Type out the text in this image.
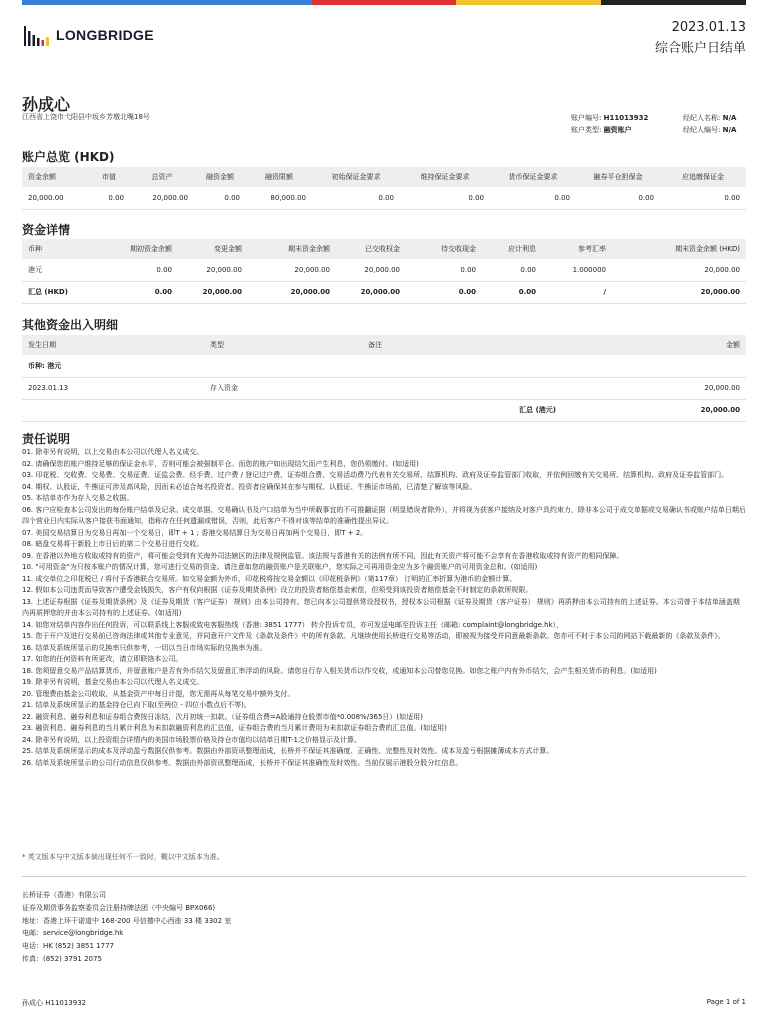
LONGBRIDGE	2023.01.13
综合账户日结单
孙成心
江西省上饶市弋阳县中坂乡芳墩北嘴18号	账户编号: H11013932
账户类型: 融资账户
经纪人名称: N/A
经纪人编号: N/A
账户总览 (HKD)
资金余额	市值	总资产	融资金额	融资限额	初始保证金要求	维持保证金要求	货币保证金要求	融券平仓担保金	应追缴保证金
20,000.00	0.00	20,000.00	0.00	80,000.00	0.00	0.00	0.00	0.00	0.00
资金详情
币种	期初资金余额	变更金额	期末资金余额	已交收权金	待交收现金	应计利息	参考汇率	期末资金余额 (HKD)
港元	0.00	20,000.00	20,000.00	20,000.00	0.00	0.00	1.000000	20,000.00
汇总 (HKD)	0.00	20,000.00	20,000.00	20,000.00	0.00	0.00	/	20,000.00
其他资金出入明细
发生日期	类型	备注	金额
币种: 港元			
2023.01.13	存入资金		20,000.00
汇总 (港元)			20,000.00
责任说明

01. 除非另有说明，以上交易由本公司以代理人名义成交。

02. 请确保您的账户维持足够的保证金水平，否则可能会被强制平仓。而您的账户如出现结欠而产生利息，您仍须缴付。(如适用)

03. 印花税、交收费、交易费、交易征费、证监会费、经手费、过户费 / 登记过户费、证券组合费、交易活动费乃代表有关交易所、结算机构、政府及证券监管部门收取，并依例回缴有关交易所、结算机构、政府及证券监管部门。

04. 期权、认股证，牛熊证可涉及高风险，因而未必适合每名投资者。投资者应确保其在参与期权、认股证、牛熊证市场前，已清楚了解该等风险。

05. 本结单亦作为存入交易之收据。

06. 客户应检查本公司发出的每份账户结单及记录。成交单据、交易确认书及户口结单为当中所载事宜的不可推翻证据（明显错误者除外），并将视为获客户接纳及对客户具约束力，除非本公司于成交单据或交易确认书或账户结单日期后四个营业日内实际从客户接获书面通知，指称存在任何遗漏或错误，否则，此后客户不得对该等结单的准确性提出异议。

07. 美国交易结算日为交易日再加一个交易日，即T + 1 ; 香港交易结算日为交易日再加两个交易日，即T + 2。

08. 暗盘交易将于新股上市日后的第二个交易日进行交收。

09. 在香港以外地方收取或持有的资产，将可能会受到有关海外司法辖区的法律及规例监管。该法规与香港有关的法例有所不同，因此有关资产将可能不会享有在香港收取或持有资产的相同保障。

10. "可用资金"为只按本账户的情况计算，您可进行交易的资金。请注意如您的融资账户是关联账户，您实际之可再用资金应为多个融资账户的可用资金总和。(如适用)

11. 成交单位之印花税已 / 将付予香港联合交易所。如交易金额为外币，印花税将按交易金额以《印花税条例》（第117章） 订明的汇率折算为港币的金额计算。

12. 假如本公司违责而导致客户遭受金钱损失，客户有权向根据《证券及期货条例》设立的投资者赔偿基金索偿，但须受到该投资者赔偿基金不时制定的条款所规限。

13. 上述证券根据《证券及期货条例》及《证券及期货（客户证券） 规则》由本公司持有。您已向本公司提供常设授权书，授权本公司根据《证券及期货（客户证券） 规则》再质押由本公司持有的上述证券。本公司曾于本结单涵盖期内再质押您的并由本公司持有的上述证券。(如适用)

14. 如您对结单内容作出任何投诉，可以联系线上客服或致电客服热线（香港: 3851 1777） 转介投诉专员，亦可发送电邮至投诉主任（邮箱: complaint@longbridge.hk），

15. 您于开户及进行交易前已咨询法律或其他专业意见，并同意开户文件及《条款及条件》中的所有条款。凡继续使用长桥进行交易等活动，即被视为接受并同意最新条款。您亦可不时于本公司的网站下载最新的《条款及条件》。

16. 结单及系统所显示的兑换率只供参考，一切以当日市场实际的兑换率为准。

17. 如您的任何资料有所更改，请立即联络本公司。

18. 您须留意交易产品结算货币，并留意账户是否有外币结欠及留意汇率浮动的风险。请您自行存入相关货币以作交收，或通知本公司替您兑换。如您之账户内有外币结欠，会产生相关货币的利息。(如适用)

19. 除非另有说明，基金交易由本公司以代理人名义成交。

20. 管理费由基金公司收取，从基金资产中每日计提，您无需再从每笔交易中额外支付。

21. 结单及系统所显示的基金持仓已向下取(至两位 - 四位小数点后不等)。

22. 融资利息、融券利息和证券组合费按日冻结，次月初统一扣款。（证券组合费=A股通持仓股票市值*0.008%/365日）(如适用)

23. 融资利息、融券利息的当月累计利息为未扣款融资利息的汇总值，证券组合费的当月累计费用为未扣款证券组合费的汇总值。(如适用)

24. 除非另有说明，以上投资组合详情内的美国市场股票价格及持仓市值均以结单日期T-1之价格显示及计算。

25. 结单及系统所显示的成本及浮动盈亏数据仅供参考。数据由外部资讯整理而成，长桥并不保证其准确度、正确性、完整性及时效性。成本及盈亏根据摊薄成本方式计算。

26. 结单及系统所显示的公司行动信息仅供参考。数据由外部资讯整理而成，长桥并不保证其准确性及时效性。当前仅展示港股分股分红信息。

* 英文版本与中文版本倘出现任何不一致时，概以中文版本为准。
长桥证券（香港）有限公司
证券及期货事务监察委员会注册持牌法团（中央编号 BPX066)
地址：香港上环干诺道中 168-200 号信德中心西座 33 楼 3302 室
电邮：service@longbridge.hk
电话：HK (852) 3851 1777
传真：(852) 3791 2075
孙成心 H11013932	Page 1 of 1
